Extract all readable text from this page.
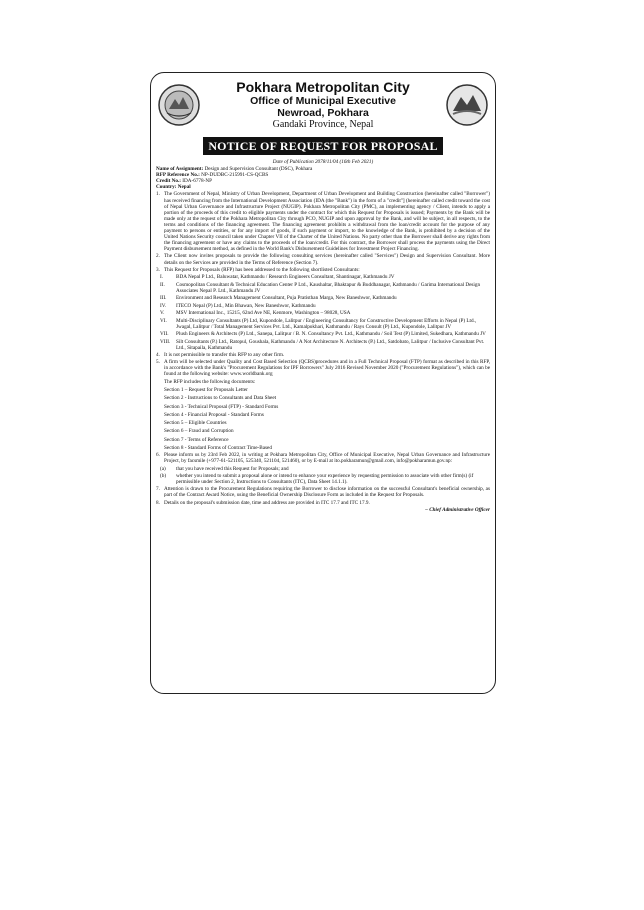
Pokhara Metropolitan City
Office of Municipal Executive
Newroad, Pokhara
Gandaki Province, Nepal
NOTICE OF REQUEST FOR PROPOSAL
Date of Publication 2078/11/04 (16th Feb 2021)
Name of Assignment: Design and Supervision Consultant (DSC), Pokhara
RFP Reference No.: NP-DUDBC-215991-CS-QCBS
Credit No.: IDA-6778-NP
Country: Nepal
1. The Government of Nepal, Ministry of Urban Development, Department of Urban Development and Building Construction (hereinafter called "Borrower") has received financing from the International Development Association (IDA (the "Bank") in the form of a "credit"] (hereinafter called credit toward the cost of Nepal Urban Governance and Infrastructure Project (NUGIP). Pokhara Metropolitan City (PMC), an implementing agency / Client, intends to apply a portion of the proceeds of this credit to eligible payments under the contract for which this Request for Proposals is issued; Payments by the Bank will be made only at the request of the Pokhara Metropolitan City through PCO, NUGIP and upon approval by the Bank, and will be subject, in all respects, to the terms and conditions of the financing agreement. The financing agreement prohibits a withdrawal from the loan/credit account for the purpose of any payment to persons or entities, or for any import of goods, if such payment or import, to the knowledge of the Bank, is prohibited by a decision of the United Nations Security council taken under Chapter VII of the Charter of the United Nations. No party other than the Borrower shall derive any rights from the financing agreement or have any claims to the proceeds of the loan/credit. For this contract, the Borrower shall process the payments using the Direct Payment disbursement method, as defined in the World Bank's Disbursement Guidelines for Investment Project Financing.
2. The Client now invites proposals to provide the following consulting services (hereinafter called "Services") Design and Supervision Consultant. More details on the Services are provided in the Terms of Reference (Section 7).
3. This Request for Proposals (RFP) has been addressed to the following shortlisted Consultants:
I.	BDA Nepal P Ltd., Baluwatar, Kathmandu / Research Engineers Consultant, Shantinagar, Kathmandu JV
II.	Cosmopolitan Consultant & Technical Education Center P Ltd., Kaushaltar, Bhaktapur & Buddhanagar, Kathmandu / Garima International Design Associates Nepal P. Ltd., Kathmandu JV
III.	Environment and Research Management Consultant, Puja Pratisthan Marga, New Baneshwor, Kathmandu
IV.	ITECO Nepal (P) Ltd., Min Bhawan, New Baneshwor, Kathmandu
V.	MSV International Inc., 15215, 62nd Ave NE, Kenmore, Washington – 98028, USA
VI.	Multi-Disciplinary Consultants (P) Ltd, Kupondole, Lalitpur / Engineering Consultancy for Constructive Development Efforts in Nepal (P) Ltd., Jwagal, Lalitpur / Total Management Services Pvt. Ltd., Kamalpokhari, Kathmandu / Rays Consult (P) Ltd., Kupondole, Lalitpur JV
VII.	Plush Engineers & Architects (P) Ltd., Sanepa, Lalitpur / B. N. Consultancy Pvt. Ltd., Kathmandu / Soil Test (P) Limited, Sukedhara, Kathmandu JV
VIII.	Silt Consultants (P.) Ltd., Ratopul, Goushala, Kathmandu / A Not Architecture N. Architects (P.) Ltd., Satdobato, Lalitpur / Inclusive Consultant Pvt. Ltd., Sitapaila, Kathmandu
4. It is not permissible to transfer this RFP to any other firm.
5. A firm will be selected under Quality and Cost Based Selection (QCBS)procedures and in a Full Technical Proposal (FTP) format as described in this RFP, in accordance with the Bank's "Procurement Regulations for IPF Borrowers" July 2016 Revised November 2020 ("Procurement Regulations"), which can be found at the following website: www.worldbank.org
The RFP includes the following documents:
Section 1 – Request for Proposals Letter
Section 2 - Instructions to Consultants and Data Sheet
Section 3 - Technical Proposal (FTP) - Standard Forms
Section 4 - Financial Proposal - Standard Forms
Section 5 – Eligible Countries
Section 6 – Fraud and Corruption
Section 7 - Terms of Reference
Section 8 - Standard Forms of Contract Time-Based
6. Please inform us by 23rd Feb 2022, in writing at Pokhara Metropolitan City, Office of Municipal Executive, Nepal Urban Governance and Infrastructure Project, by facsmile (+977-61-521105, 525340, 521104, 521460), or by E-mail at ito.pokharamun@gmail.com, info@pokharamun.gov.np:
(a)	that you have received this Request for Proposals; and
(b)	whether you intend to submit a proposal alone or intend to enhance your experience by requesting permission to associate with other firm(s) (if permissible under Section 2, Instructions to Consultants (ITC), Data Sheet 14.1.1).
7. Attention is drawn to the Procurement Regulations requiring the Borrower to disclose information on the successful Consultant's beneficial ownership, as part of the Contract Award Notice, using the Beneficial Ownership Disclosure Form as included in the Request for Proposals.
8. Details on the proposal's submission date, time and address are provided in ITC 17.7 and ITC 17.9.
– Chief Administrative Officer
